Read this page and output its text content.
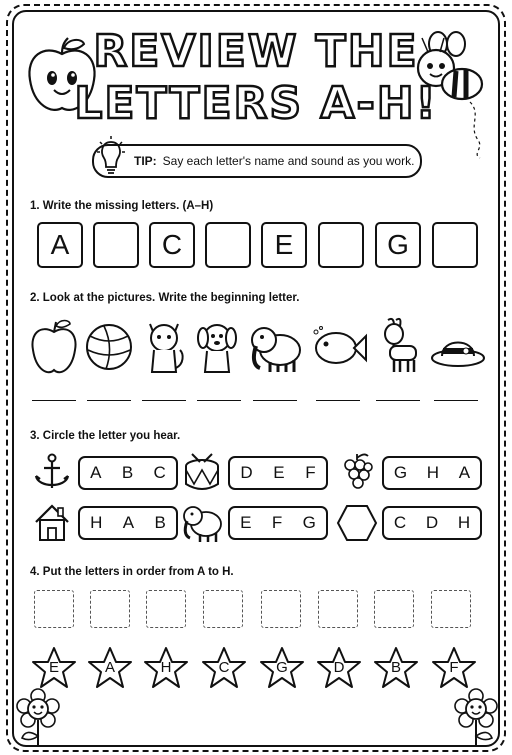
REVIEW THE
LETTERS A-H!
TIP: Say each letter's name and sound as you work.
1. Write the missing letters. (A–H)
A	C	E	G
2. Look at the pictures. Write the beginning letter.
3. Circle the letter you hear.
A B C	D E F	G H A
H A B	E F G	C D H
4. Put the letters in order from A to H.
E	A	H	C	G	D	B	F
